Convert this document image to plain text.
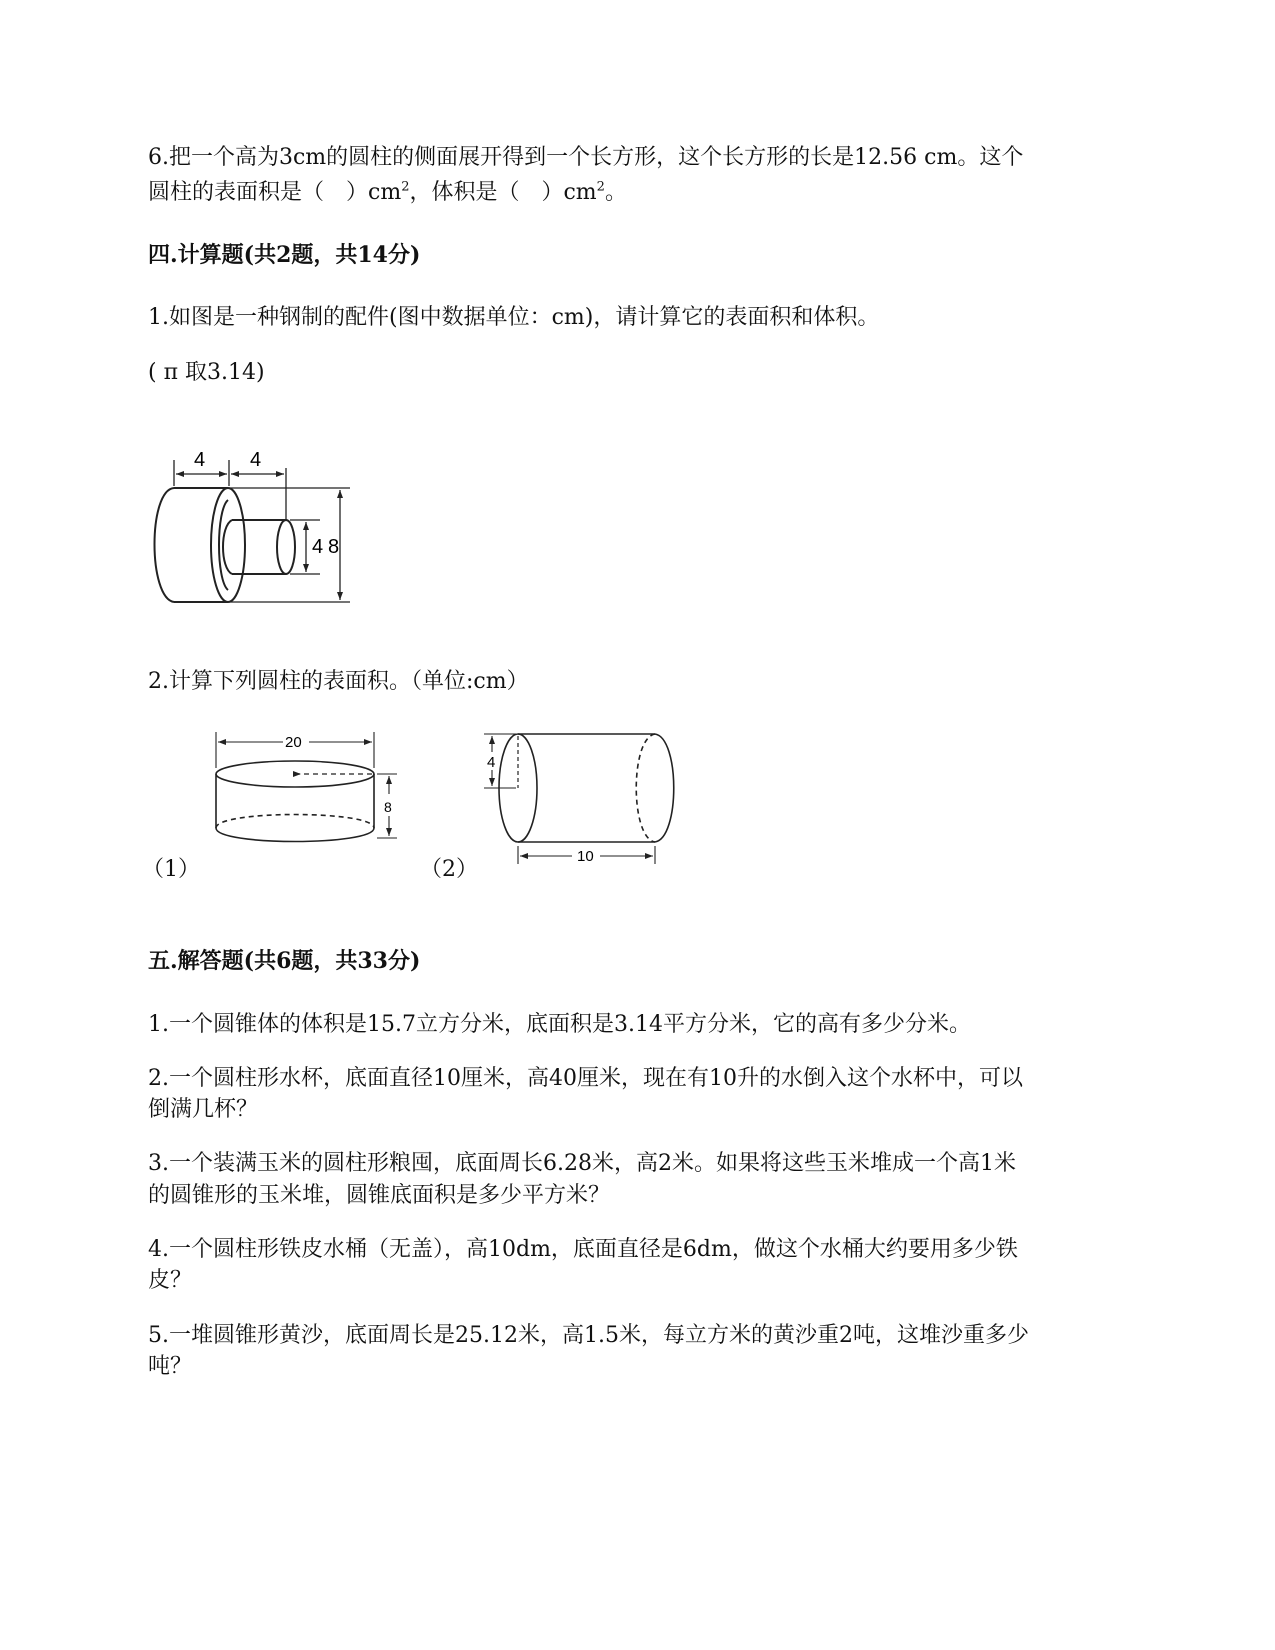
6.把一个高为3cm的圆柱的侧面展开得到一个长方形，这个长方形的长是12.56 cm。这个
圆柱的表面积是（　）$cm^2$，体积是（　）$cm^2$。
四.计算题(共2题，共14分)
1.如图是一种钢制的配件(图中数据单位：cm)，请计算它的表面积和体积。
( π 取3.14)
4 4
4 8
2.计算下列圆柱的表面积。（单位:cm）
20
8
（1）
4
10
（2）
五.解答题(共6题，共33分)
1.一个圆锥体的体积是15.7立方分米，底面积是3.14平方分米，它的高有多少分米。
2.一个圆柱形水杯，底面直径10厘米，高40厘米，现在有10升的水倒入这个水杯中，可以
倒满几杯？
3.一个装满玉米的圆柱形粮囤，底面周长6.28米，高2米。如果将这些玉米堆成一个高1米
的圆锥形的玉米堆，圆锥底面积是多少平方米？
4.一个圆柱形铁皮水桶（无盖），高10dm，底面直径是6dm，做这个水桶大约要用多少铁
皮？
5.一堆圆锥形黄沙，底面周长是25.12米，高1.5米，每立方米的黄沙重2吨，这堆沙重多少
吨？
